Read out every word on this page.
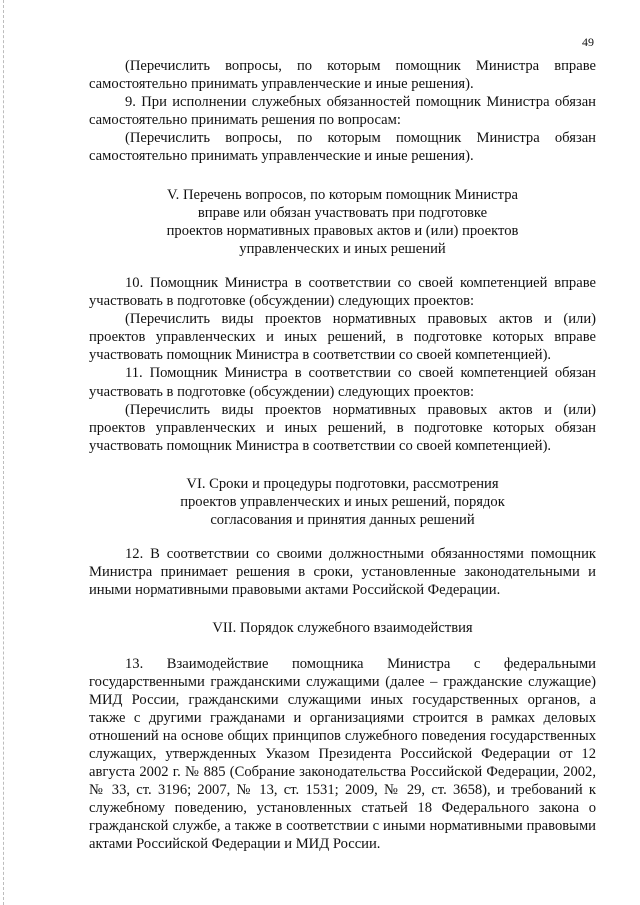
49

(Перечислить вопросы, по которым помощник Министра вправе самостоятельно принимать управленческие и иные решения).

9. При исполнении служебных обязанностей помощник Министра обязан самостоятельно принимать решения по вопросам:

(Перечислить вопросы, по которым помощник Министра обязан самостоятельно принимать управленческие и иные решения).

V. Перечень вопросов, по которым помощник Министра
вправе или обязан участвовать при подготовке
проектов нормативных правовых актов и (или) проектов
управленческих и иных решений

10. Помощник Министра в соответствии со своей компетенцией вправе участвовать в подготовке (обсуждении) следующих проектов:

(Перечислить виды проектов нормативных правовых актов и (или) проектов управленческих и иных решений, в подготовке которых вправе участвовать помощник Министра в соответствии со своей компетенцией).

11. Помощник Министра в соответствии со своей компетенцией обязан участвовать в подготовке (обсуждении) следующих проектов:

(Перечислить виды проектов нормативных правовых актов и (или) проектов управленческих и иных решений, в подготовке которых обязан участвовать помощник Министра в соответствии со своей компетенцией).

VI. Сроки и процедуры подготовки, рассмотрения
проектов управленческих и иных решений, порядок
согласования и принятия данных решений

12. В соответствии со своими должностными обязанностями помощник Министра принимает решения в сроки, установленные законодательными и иными нормативными правовыми актами Российской Федерации.

VII. Порядок служебного взаимодействия

13. Взаимодействие помощника Министра с федеральными государственными гражданскими служащими (далее – гражданские служащие) МИД России, гражданскими служащими иных государственных органов, а также с другими гражданами и организациями строится в рамках деловых отношений на основе общих принципов служебного поведения государственных служащих, утвержденных Указом Президента Российской Федерации от 12 августа 2002 г. № 885 (Собрание законодательства Российской Федерации, 2002, № 33, ст. 3196; 2007, № 13, ст. 1531; 2009, № 29, ст. 3658), и требований к служебному поведению, установленных статьей 18 Федерального закона о гражданской службе, а также в соответствии с иными нормативными правовыми актами Российской Федерации и МИД России.
